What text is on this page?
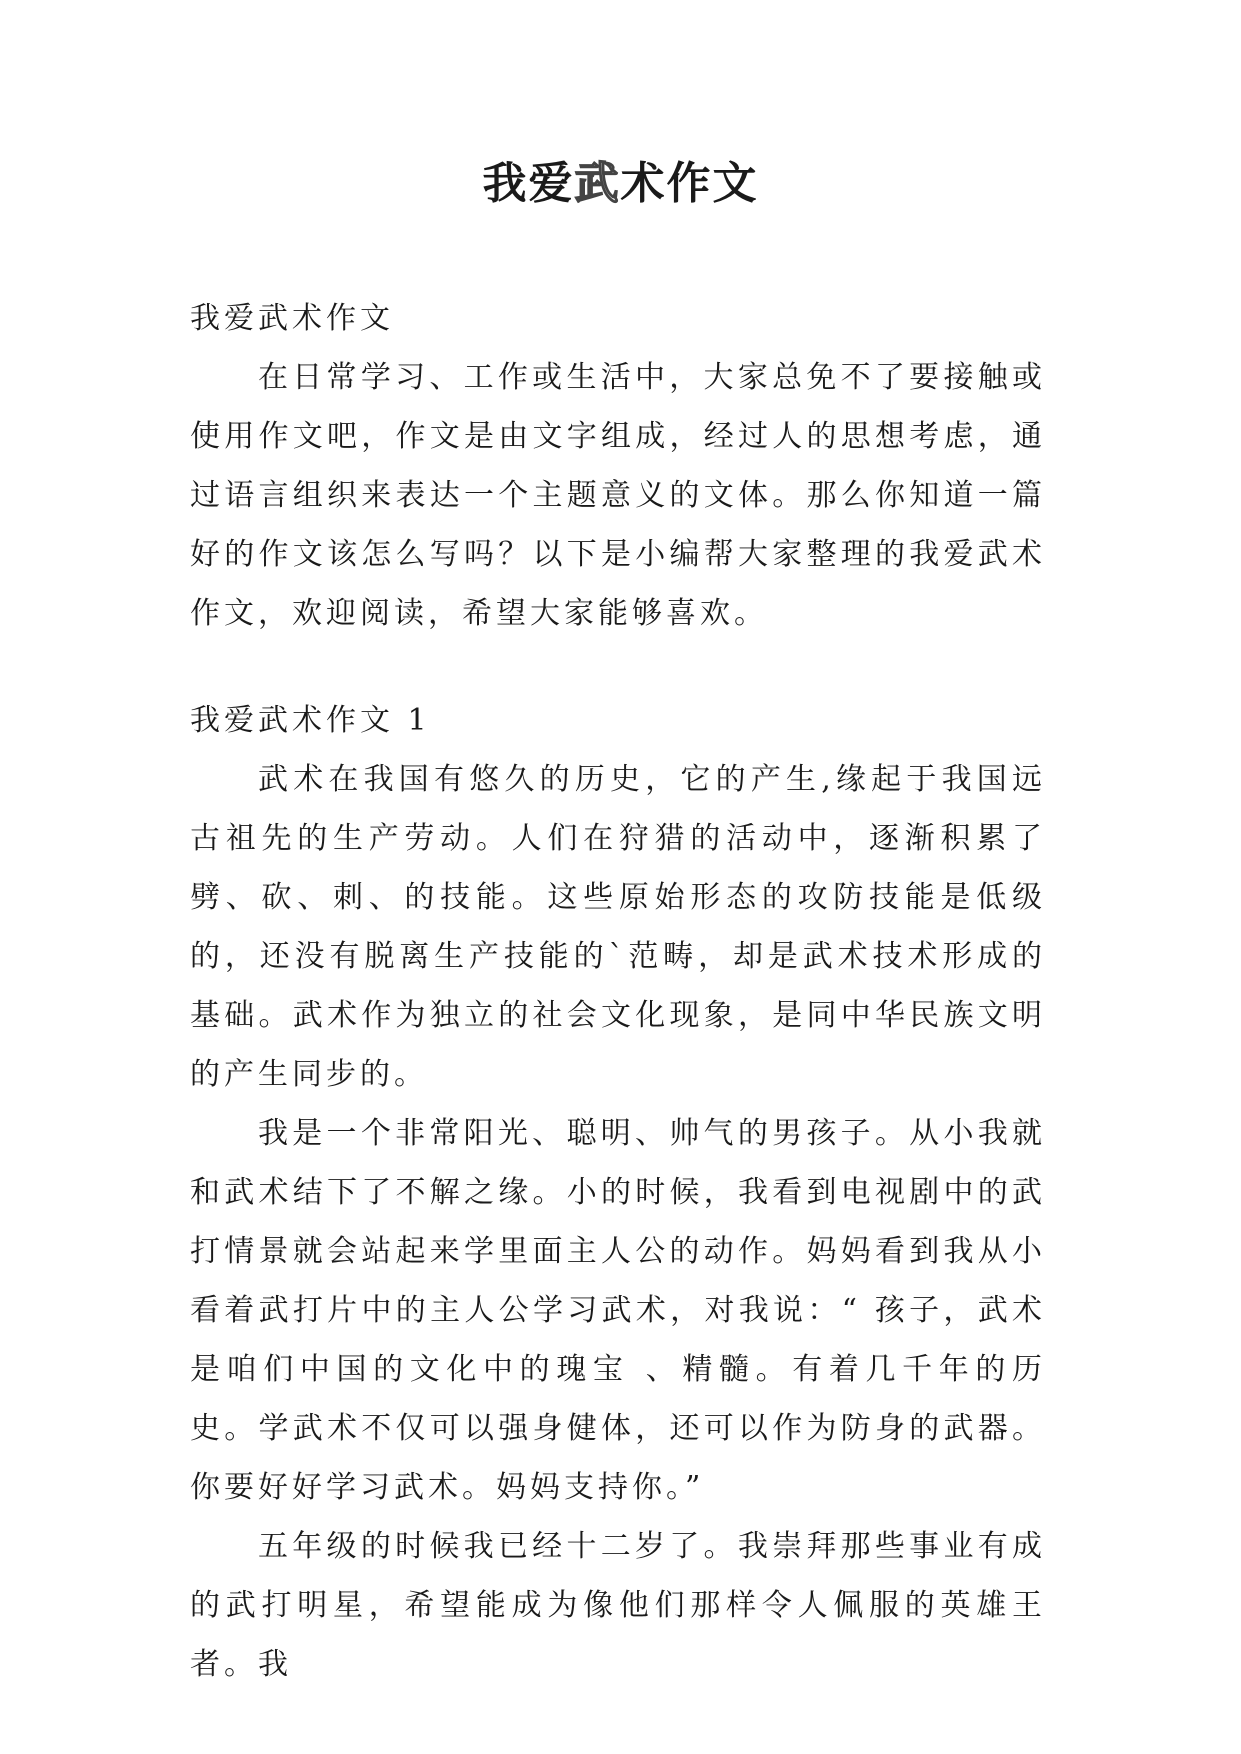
我爱武术作文

我爱武术作文

在日常学习、工作或生活中，大家总免不了要接触或使用作文吧，作文是由文字组成，经过人的思想考虑，通过语言组织来表达一个主题意义的文体。那么你知道一篇好的作文该怎么写吗？以下是小编帮大家整理的我爱武术作文，欢迎阅读，希望大家能够喜欢。

我爱武术作文 1

武术在我国有悠久的历史，它的产生,缘起于我国远古祖先的生产劳动。人们在狩猎的活动中，逐渐积累了劈、砍、刺、的技能。这些原始形态的攻防技能是低级的，还没有脱离生产技能的`范畴，却是武术技术形成的基础。武术作为独立的社会文化现象，是同中华民族文明的产生同步的。

我是一个非常阳光、聪明、帅气的男孩子。从小我就和武术结下了不解之缘。小的时候，我看到电视剧中的武打情景就会站起来学里面主人公的动作。妈妈看到我从小看着武打片中的主人公学习武术，对我说：“ 孩子，武术是咱们中国的文化中的瑰宝 、精髓。有着几千年的历史。学武术不仅可以强身健体，还可以作为防身的武器。你要好好学习武术。妈妈支持你。”

五年级的时候我已经十二岁了。我崇拜那些事业有成的武打明星，希望能成为像他们那样令人佩服的英雄王者。我
